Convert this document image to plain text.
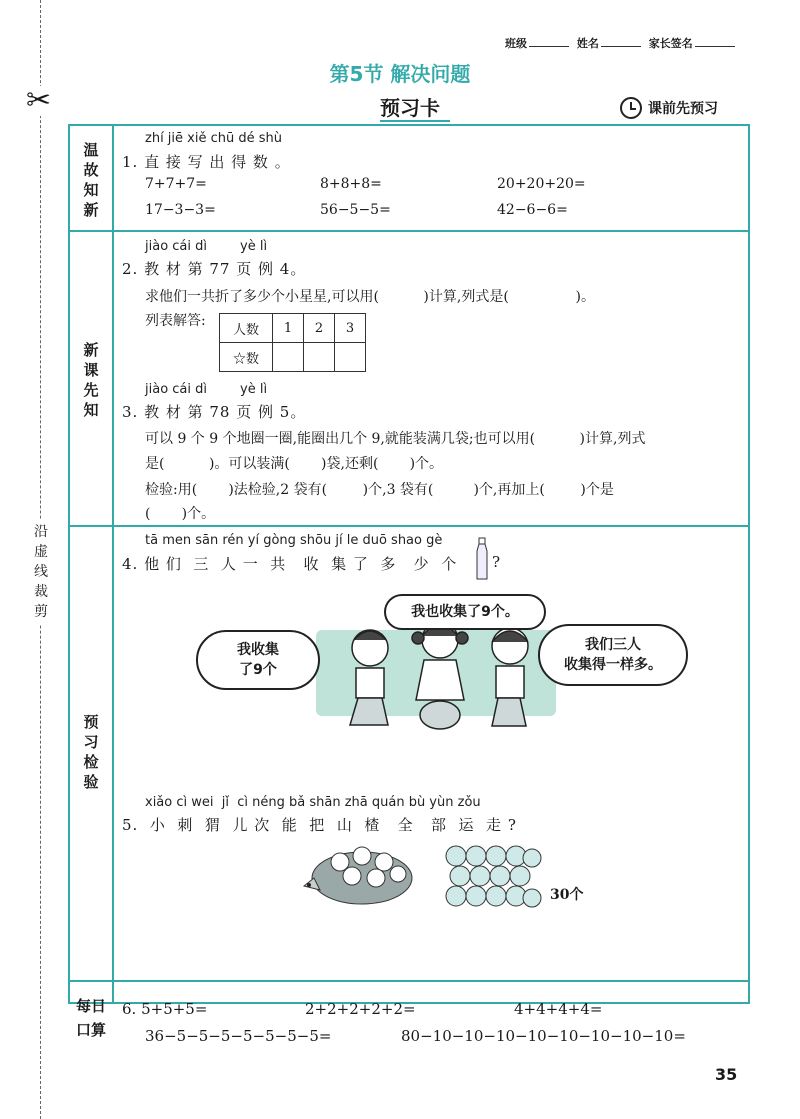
✂
沿虚线裁剪
班级	姓名	家长签名
第5节 解决问题
预习卡	课前先预习
温
故
知
新
新
课
先
知
预
习
检
验
每日
口算
zhí jiē xiě chū dé shù
1. 直 接 写 出 得 数 。
7+7+7=	8+8+8=	20+20+20=
17−3−3=	56−5−5=	42−6−6=
jiào cái dì        yè lì
2. 教 材 第 77 页 例 4。
求他们一共折了多少个小星星,可以用(          )计算,列式是(               )。
列表解答:
人数	1	2	3
☆数			
jiào cái dì        yè lì
3. 教 材 第 78 页 例 5。
可以 9 个 9 个地圈一圈,能圈出几个 9,就能装满几袋;也可以用(          )计算,列式
是(          )。可以装满(       )袋,还剩(       )个。
检验:用(       )法检验,2 袋有(        )个,3 袋有(         )个,再加上(        )个是
(       )个。
tā men sān rén yí gòng shōu jí le duō shao gè
4. 他 们  三  人 一  共   收  集 了  多   少  个 ?
我也收集了9个。
我收集
了9个
我们三人
收集得一样多。
xiǎo cì wei  jǐ  cì néng bǎ shān zhā quán bù yùn zǒu
5.  小  刺  猬  儿 次  能  把  山  楂   全   部  运  走 ?
30个
6. 5+5+5=	2+2+2+2+2=	4+4+4+4=
36−5−5−5−5−5−5−5=	80−10−10−10−10−10−10−10−10=
35
